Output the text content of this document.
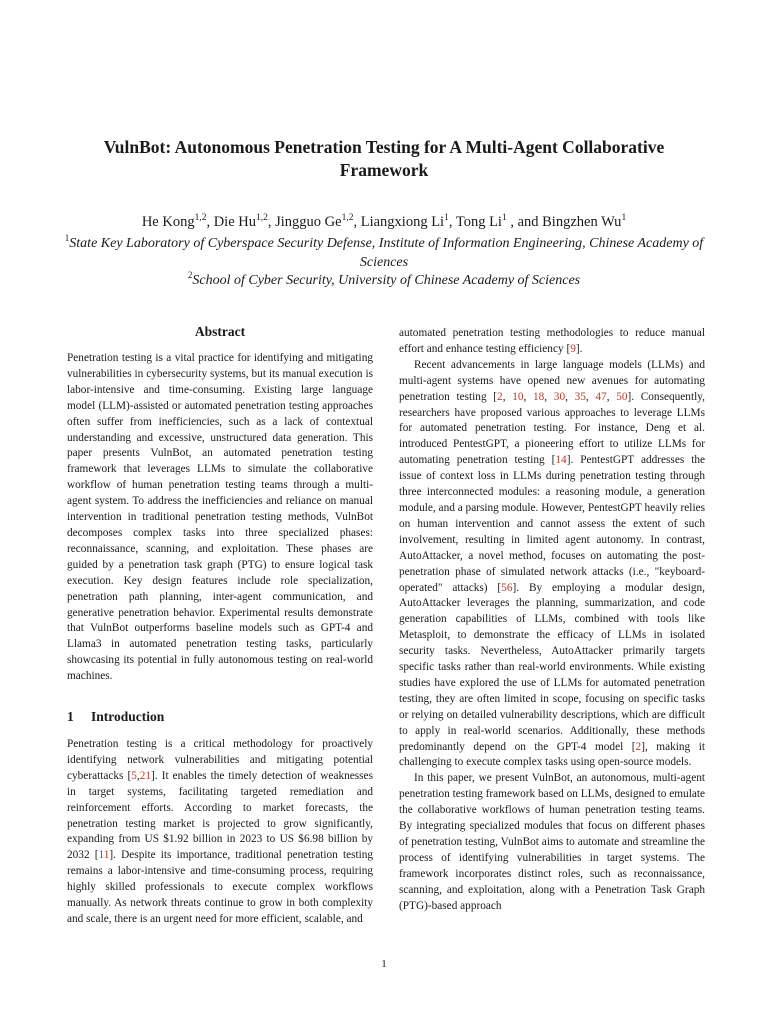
VulnBot: Autonomous Penetration Testing for A Multi-Agent Collaborative Framework

He Kong$^{1,2}$, Die Hu$^{1,2}$, Jingguo Ge$^{1,2}$, Liangxiong Li$^1$, Tong Li$^1$ , and Bingzhen Wu$^1$

$^1$State Key Laboratory of Cyberspace Security Defense, Institute of Information Engineering, Chinese Academy of Sciences

$^2$School of Cyber Security, University of Chinese Academy of Sciences

Abstract

Penetration testing is a vital practice for identifying and mitigating vulnerabilities in cybersecurity systems, but its manual execution is labor-intensive and time-consuming. Existing large language model (LLM)-assisted or automated penetration testing approaches often suffer from inefficiencies, such as a lack of contextual understanding and excessive, unstructured data generation. This paper presents VulnBot, an automated penetration testing framework that leverages LLMs to simulate the collaborative workflow of human penetration testing teams through a multi-agent system. To address the inefficiencies and reliance on manual intervention in traditional penetration testing methods, VulnBot decomposes complex tasks into three specialized phases: reconnaissance, scanning, and exploitation. These phases are guided by a penetration task graph (PTG) to ensure logical task execution. Key design features include role specialization, penetration path planning, inter-agent communication, and generative penetration behavior. Experimental results demonstrate that VulnBot outperforms baseline models such as GPT-4 and Llama3 in automated penetration testing tasks, particularly showcasing its potential in fully autonomous testing on real-world machines.

1 Introduction

Penetration testing is a critical methodology for proactively identifying network vulnerabilities and mitigating potential cyberattacks [5,21]. It enables the timely detection of weaknesses in target systems, facilitating targeted remediation and reinforcement efforts. According to market forecasts, the penetration testing market is projected to grow significantly, expanding from US $1.92 billion in 2023 to US $6.98 billion by 2032 [11]. Despite its importance, traditional penetration testing remains a labor-intensive and time-consuming process, requiring highly skilled professionals to execute complex workflows manually. As network threats continue to grow in both complexity and scale, there is an urgent need for more efficient, scalable, and

automated penetration testing methodologies to reduce manual effort and enhance testing efficiency [9].

Recent advancements in large language models (LLMs) and multi-agent systems have opened new avenues for automating penetration testing [2, 10, 18, 30, 35, 47, 50]. Consequently, researchers have proposed various approaches to leverage LLMs for automated penetration testing. For instance, Deng et al. introduced PentestGPT, a pioneering effort to utilize LLMs for automating penetration testing [14]. PentestGPT addresses the issue of context loss in LLMs during penetration testing through three interconnected modules: a reasoning module, a generation module, and a parsing module. However, PentestGPT heavily relies on human intervention and cannot assess the extent of such involvement, resulting in limited agent autonomy. In contrast, AutoAttacker, a novel method, focuses on automating the post-penetration phase of simulated network attacks (i.e., "keyboard-operated" attacks) [56]. By employing a modular design, AutoAttacker leverages the planning, summarization, and code generation capabilities of LLMs, combined with tools like Metasploit, to demonstrate the efficacy of LLMs in isolated security tasks. Nevertheless, AutoAttacker primarily targets specific tasks rather than real-world environments. While existing studies have explored the use of LLMs for automated penetration testing, they are often limited in scope, focusing on specific tasks or relying on detailed vulnerability descriptions, which are difficult to apply in real-world scenarios. Additionally, these methods predominantly depend on the GPT-4 model [2], making it challenging to execute complex tasks using open-source models.

In this paper, we present VulnBot, an autonomous, multi-agent penetration testing framework based on LLMs, designed to emulate the collaborative workflows of human penetration testing teams. By integrating specialized modules that focus on different phases of penetration testing, VulnBot aims to automate and streamline the process of identifying vulnerabilities in target systems. The framework incorporates distinct roles, such as reconnaissance, scanning, and exploitation, along with a Penetration Task Graph (PTG)-based approach

1
